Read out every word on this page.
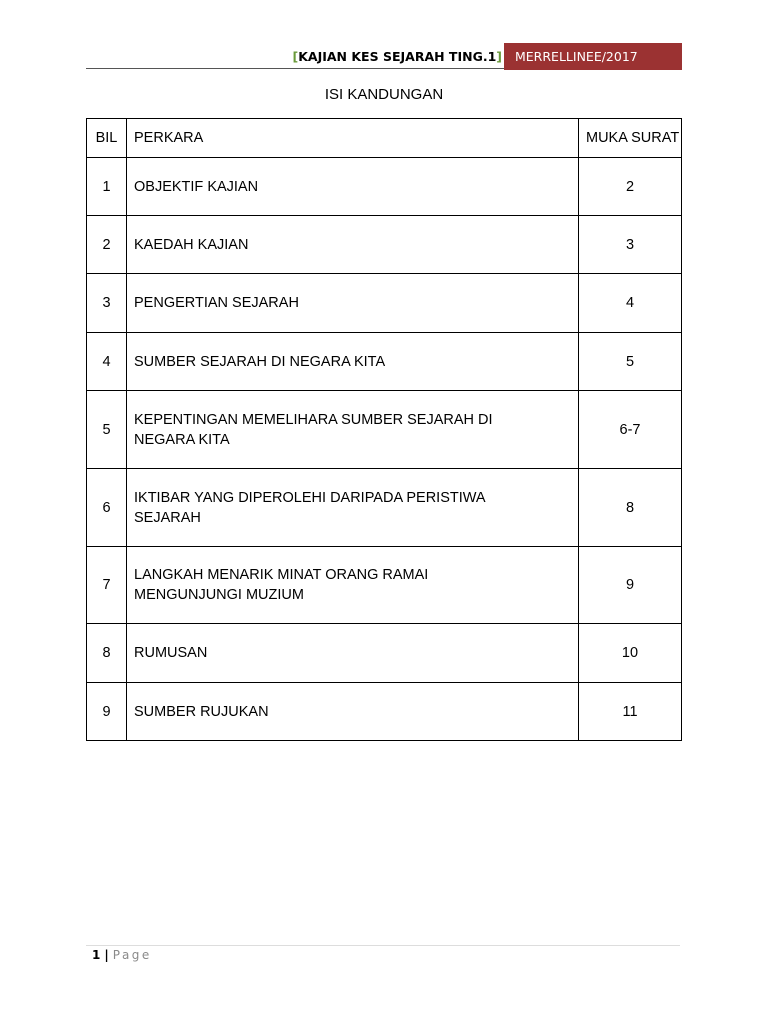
[KAJIAN KES SEJARAH TING.1]	MERRELLINEE/2017
ISI KANDUNGAN
BIL	PERKARA	MUKA SURAT
1	OBJEKTIF KAJIAN	2
2	KAEDAH KAJIAN	3
3	PENGERTIAN SEJARAH	4
4	SUMBER SEJARAH DI NEGARA KITA	5
5	KEPENTINGAN MEMELIHARA SUMBER SEJARAH DI NEGARA KITA	6-7
6	IKTIBAR YANG DIPEROLEHI DARIPADA PERISTIWA SEJARAH	8
7	LANGKAH MENARIK MINAT ORANG RAMAI MENGUNJUNGI MUZIUM	9
8	RUMUSAN	10
9	SUMBER RUJUKAN	11
1 | Page
